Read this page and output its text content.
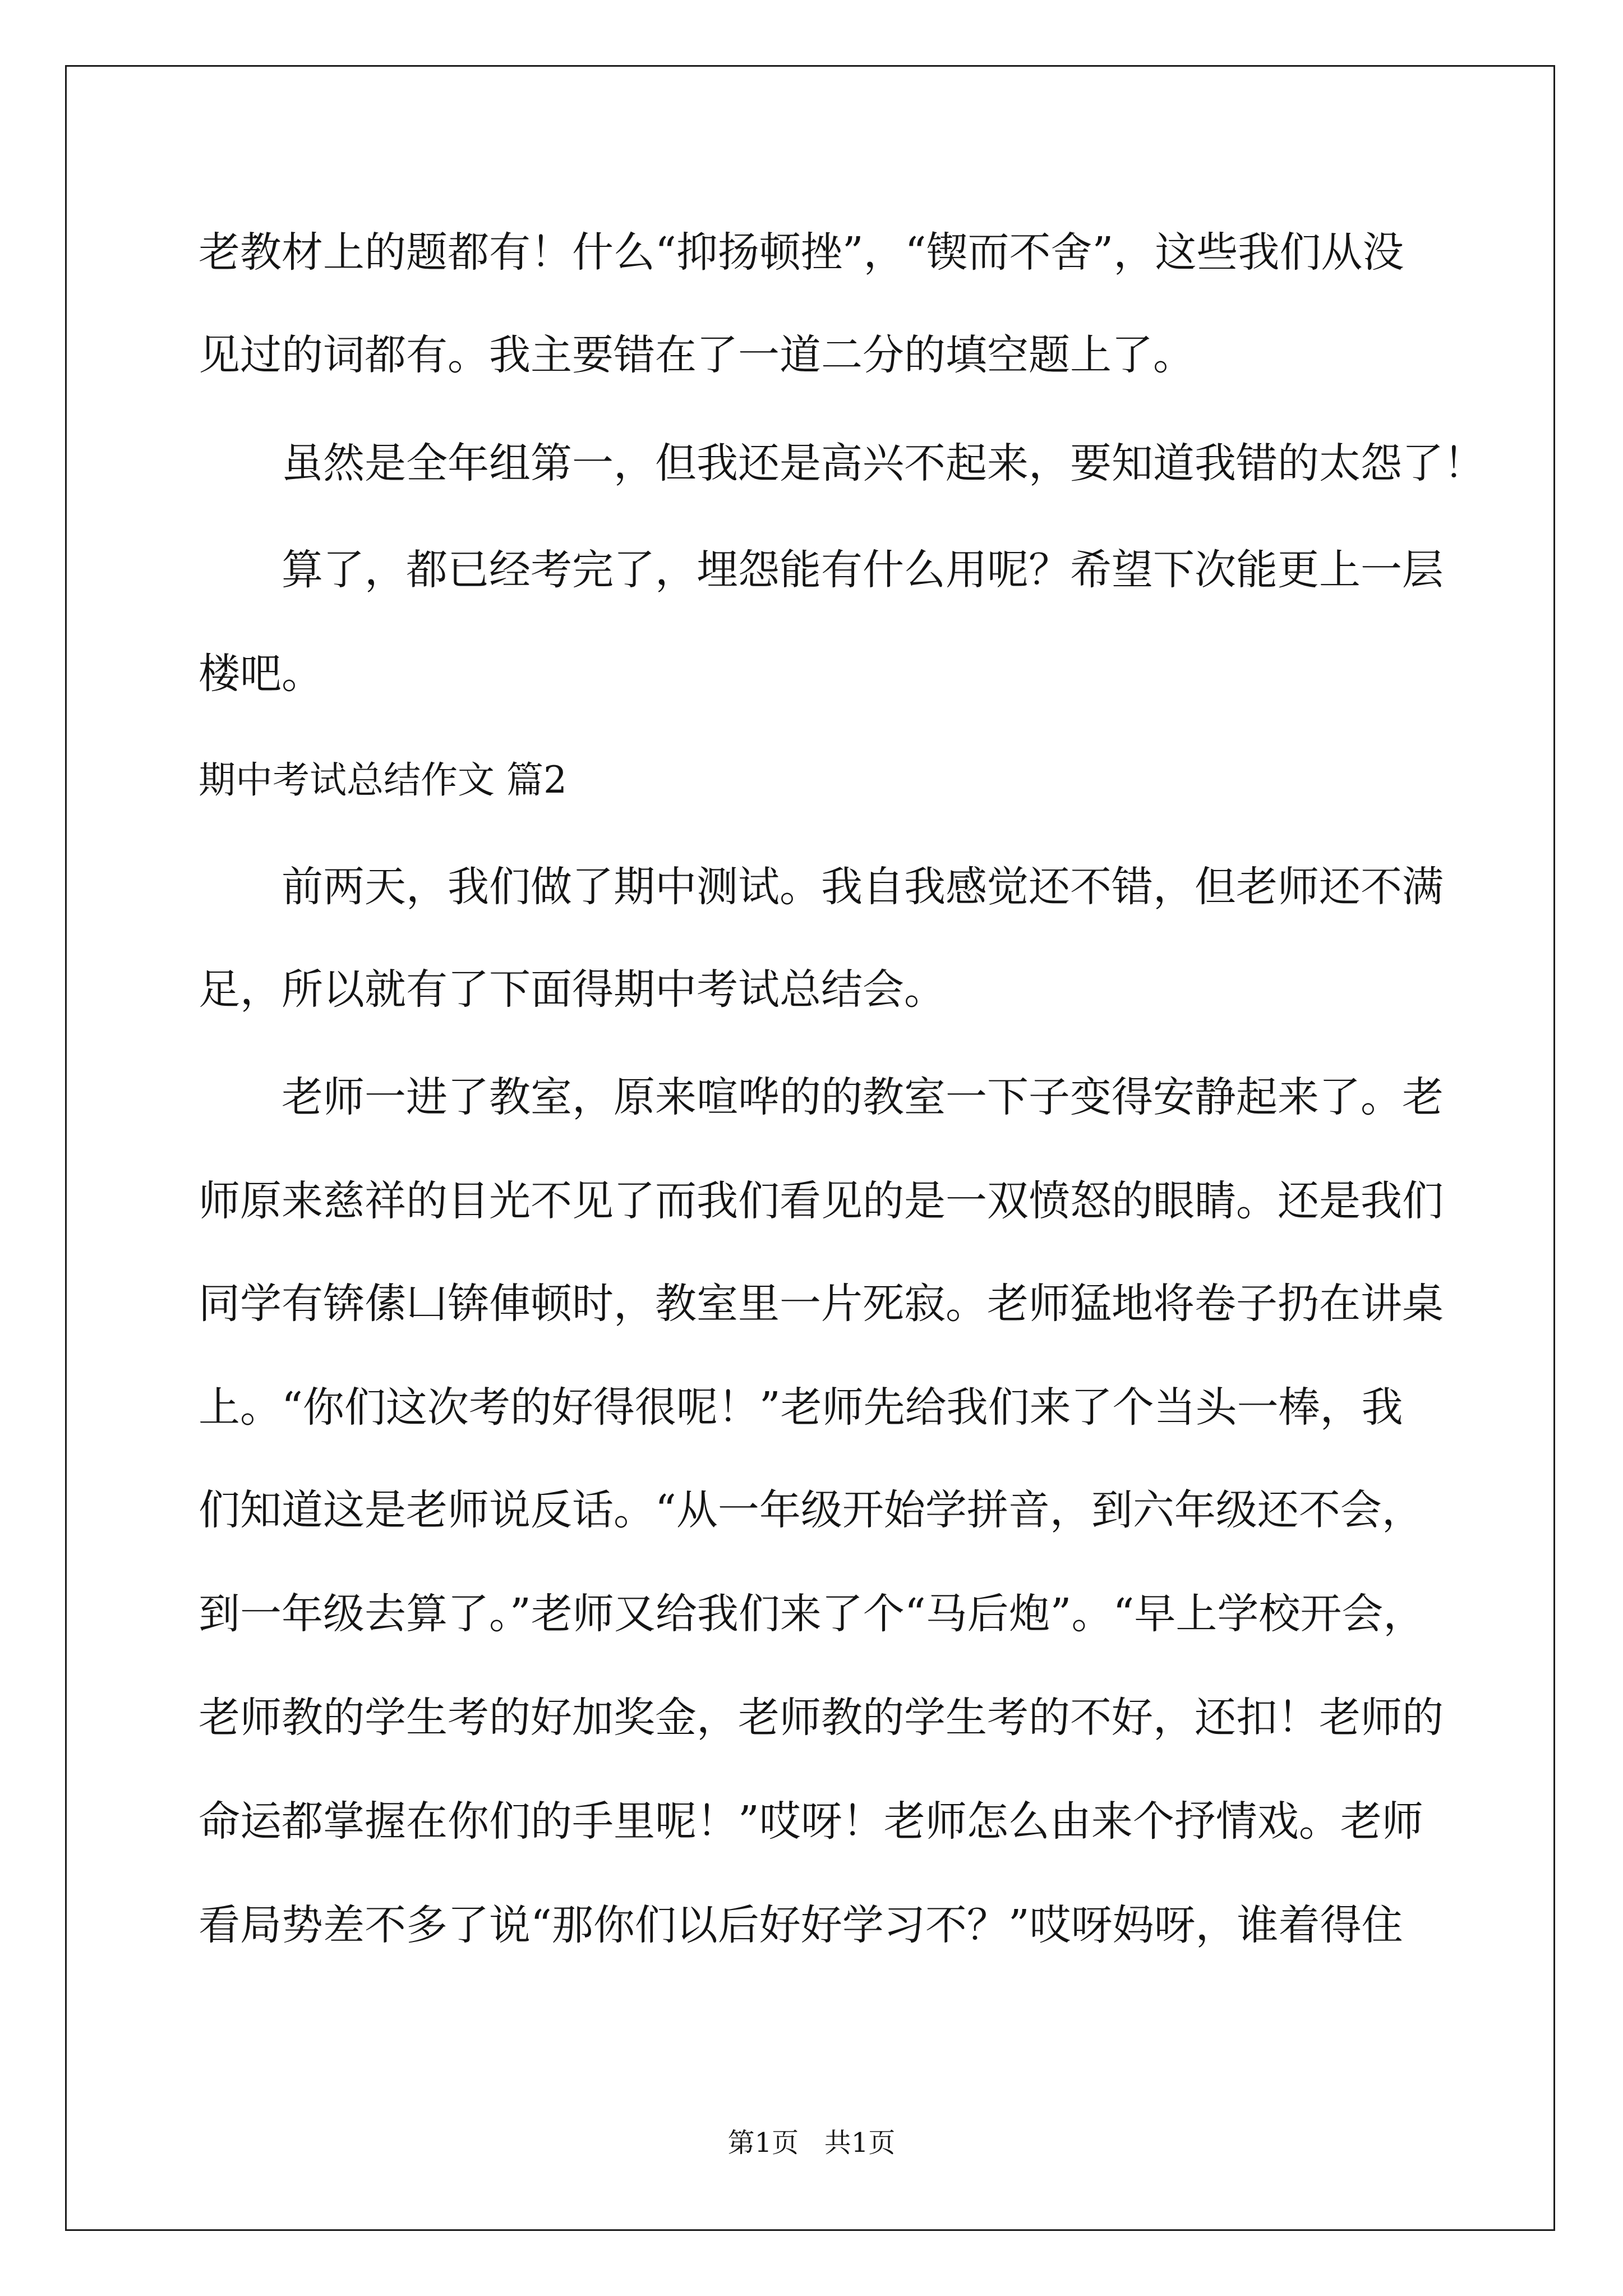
老教材上的题都有！什么“抑扬顿挫”，“锲而不舍”，这些我们从没
见过的词都有。我主要错在了一道二分的填空题上了。
虽然是全年组第一，但我还是高兴不起来，要知道我错的太怨了！
算了，都已经考完了，埋怨能有什么用呢？希望下次能更上一层
楼吧。
期中考试总结作文 篇2
前两天，我们做了期中测试。我自我感觉还不错，但老师还不满
足，所以就有了下面得期中考试总结会。
老师一进了教室，原来喧哗的的教室一下子变得安静起来了。老
师原来慈祥的目光不见了而我们看见的是一双愤怒的眼睛。还是我们
同学有锛傃凵锛俥顿时，教室里一片死寂。老师猛地将卷子扔在讲桌
上。“你们这次考的好得很呢！”老师先给我们来了个当头一棒，我
们知道这是老师说反话。“从一年级开始学拼音，到六年级还不会，
到一年级去算了。”老师又给我们来了个“马后炮”。“早上学校开会，
老师教的学生考的好加奖金，老师教的学生考的不好，还扣！老师的
命运都掌握在你们的手里呢！”哎呀！老师怎么由来个抒情戏。老师
看局势差不多了说“那你们以后好好学习不？”哎呀妈呀，谁着得住
第1页   共1页
